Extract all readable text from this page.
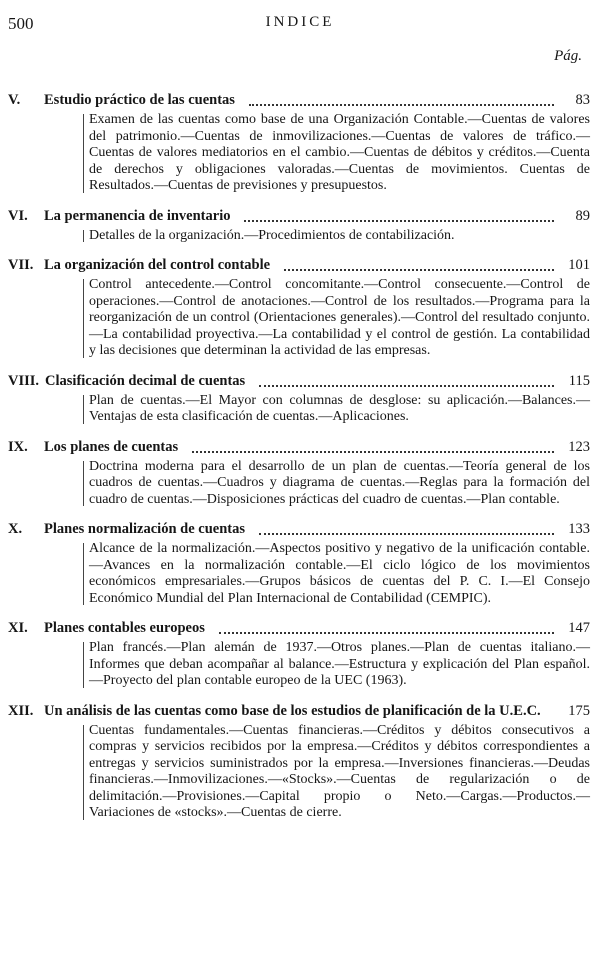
500	INDICE
Pág.
V.	Estudio práctico de las cuentas	83

Examen de las cuentas como base de una Organización Contable.—Cuentas de valores del patrimonio.—Cuentas de inmovilizaciones.—Cuentas de valores de tráfico.—Cuentas de valores mediatorios en el cambio.—Cuentas de débitos y créditos.—Cuenta de derechos y obligaciones valoradas.—Cuentas de movimientos. Cuentas de Resultados.—Cuentas de previsiones y presupuestos.

VI.	La permanencia de inventario	89

Detalles de la organización.—Procedimientos de contabilización.

VII. La organización del control contable	101

Control antecedente.—Control concomitante.—Control consecuente.—Control de operaciones.—Control de anotaciones.—Control de los resultados.—Programa para la reorganización de un control (Orientaciones generales).—Control del resultado conjunto.—La contabilidad proyectiva.—La contabilidad y el control de gestión. La contabilidad y las decisiones que determinan la actividad de las empresas.

VIII. Clasificación decimal de cuentas	115

Plan de cuentas.—El Mayor con columnas de desglose: su aplicación.—Balances.—Ventajas de esta clasificación de cuentas.—Aplicaciones.

IX.	Los planes de cuentas	123

Doctrina moderna para el desarrollo de un plan de cuentas.—Teoría general de los cuadros de cuentas.—Cuadros y diagrama de cuentas.—Reglas para la formación del cuadro de cuentas.—Disposiciones prácticas del cuadro de cuentas.—Plan contable.

X.	Planes normalización de cuentas	133

Alcance de la normalización.—Aspectos positivo y negativo de la unificación contable.—Avances en la normalización contable.—El ciclo lógico de los movimientos económicos empresariales.—Grupos básicos de cuentas del P. C. I.—El Consejo Económico Mundial del Plan Internacional de Contabilidad (CEMPIC).

XI.	Planes contables europeos	147

Plan francés.—Plan alemán de 1937.—Otros planes.—Plan de cuentas italiano.—Informes que deban acompañar al balance.—Estructura y explicación del Plan español.—Proyecto del plan contable europeo de la UEC (1963).

XII. Un análisis de las cuentas como base de los estudios de planificación de la U.E.C.	175

Cuentas fundamentales.—Cuentas financieras.—Créditos y débitos consecutivos a compras y servicios recibidos por la empresa.—Créditos y débitos correspondientes a entregas y servicios suministrados por la empresa.—Inversiones financieras.—Deudas financieras.—Inmovilizaciones.—«Stocks».—Cuentas de regularización o de delimitación.—Provisiones.—Capital propio o Neto.—Cargas.—Productos.—Variaciones de «stocks».—Cuentas de cierre.
